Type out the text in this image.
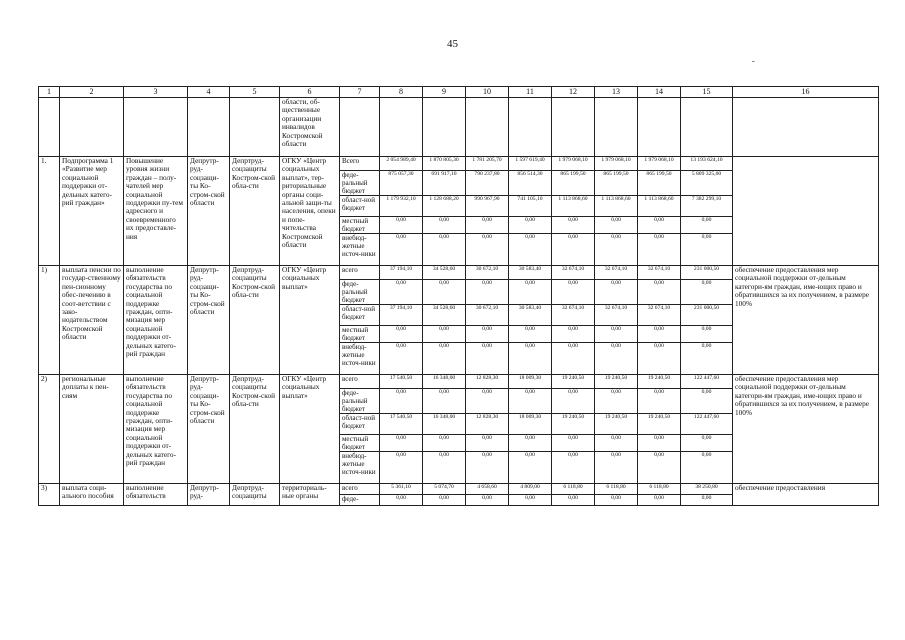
45
-
1	2	3	4	5	6	7	8	9	10	11	12	13	14	15	16
					области, об-щественные организации инвалидов Костромской области										
1.	Подпрограмма 1 «Развитие мер социальной поддержки от-дельных катего-рий граждан»	Повышение уровня жизни граждан – полу-чателей мер социальной поддержки пу-тем адресного и своевременного их предоставле-ния	Депрутр-руд-соцзащи-ты Ко-стром-ской области	Депртруд-соцзащиты Костром-ской обла-сти	ОГКУ «Центр социальных выплат», тер-риториальные органы соци-альной защи-ты населения, опеки и попе-чительства Костромской области	Всего	2 054 989,40	1 870 805,30	1 781 205,70	1 597 619,40	1 979 068,10	1 979 068,10	1 979 068,10	13 193 624,10	
						феде-ральный бюджет	875 057,30	691 917,10	790 237,80	856 514,30	865 199,50	865 199,50	865 199,50	5 809 325,00	
						област-ной бюджет	1 179 932,10	1 128 688,20	990 967,90	741 105,10	1 113 868,60	1 113 868,60	1 113 868,60	7 382 299,10	
						местный бюджет	0,00	0,00	0,00	0,00	0,00	0,00	0,00	0,00	
						внебюд-жетные источ-ники	0,00	0,00	0,00	0,00	0,00	0,00	0,00	0,00	
1)	выплата пенсии по государ-ственному пен-сионному обес-печению в соот-ветствии с зако-нодательством Костромской области	выполнение обязательств государства по социальной поддержке граждан, опти-мизация мер социальной поддержки от-дельных катего-рий граждан	Депрутр-руд-соцзащи-ты Ко-стром-ской области	Депртруд-соцзащиты Костром-ской обла-сти	ОГКУ «Центр социальных выплат»	всего	37 194,10	34 528,60	30 672,10	30 583,40	32 674,10	32 674,10	32 674,10	231 000,50	обеспечение предоставления мер социальной поддержки от-дельным категори-ям граждан, име-ющих право и обратившихся за их получением, в размере 100%
						феде-ральный бюджет	0,00	0,00	0,00	0,00	0,00	0,00	0,00	0,00	
						област-ной бюджет	37 194,10	34 528,60	30 672,10	30 583,40	32 674,10	32 674,10	32 674,10	231 000,50	
						местный бюджет	0,00	0,00	0,00	0,00	0,00	0,00	0,00	0,00	
						внебюд-жетные источ-ники	0,00	0,00	0,00	0,00	0,00	0,00	0,00	0,00	
2)	региональные доплаты к пен-сиям	выполнение обязательств государства по социальной поддержке граждан, опти-мизация мер социальной поддержки от-дельных катего-рий граждан	Депрутр-руд-соцзащи-ты Ко-стром-ской области	Депртруд-соцзащиты Костром-ской обла-сти	ОГКУ «Центр социальных выплат»	всего	17 540,50	16 348,00	12 828,30	18 009,30	19 240,50	19 240,50	19 240,50	122 447,60	обеспечение предоставления мер социальной поддержки от-дельным категори-ям граждан, име-ющих право и обратившихся за их получением, в размере 100%
						феде-ральный бюджет	0,00	0,00	0,00	0,00	0,00	0,00	0,00	0,00	
						област-ной бюджет	17 540,50	16 348,00	12 828,30	18 009,30	19 240,50	19 240,50	19 240,50	122 447,60	
						местный бюджет	0,00	0,00	0,00	0,00	0,00	0,00	0,00	0,00	
						внебюд-жетные источ-ники	0,00	0,00	0,00	0,00	0,00	0,00	0,00	0,00	
3)	выплата соци-ального пособия	выполнение обязательств	Депрутр-руд-	Депртруд-соцзащиты	территориаль-ные органы	всего	5 361,10	5 074,70	4 658,60	4 809,00	6 118,80	6 118,80	6 118,80	38 250,80	обеспечение предоставления
						феде-	0,00	0,00	0,00	0,00	0,00	0,00	0,00	0,00	
